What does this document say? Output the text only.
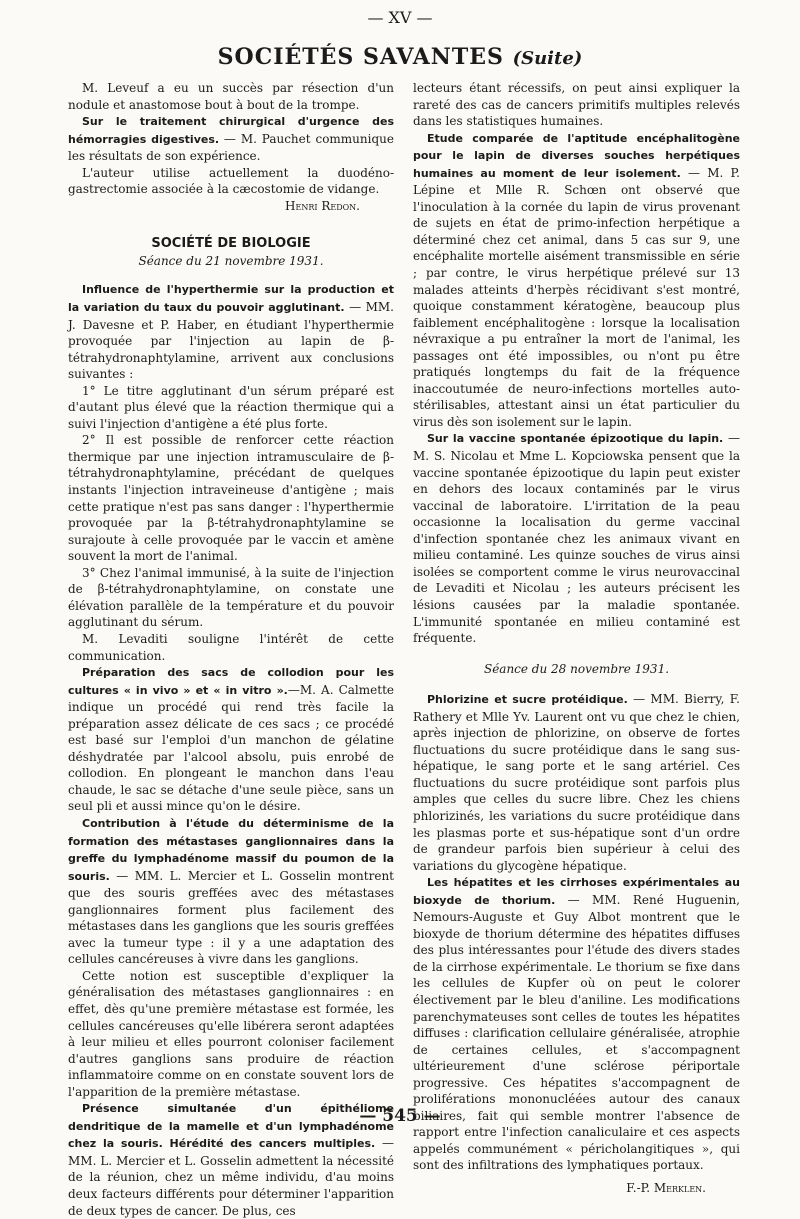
— XV —
SOCIÉTÉS SAVANTES (Suite)

M. Leveuf a eu un succès par résection d'un nodule et anastomose bout à bout de la trompe.

Sur le traitement chirurgical d'urgence des hémorragies digestives. — M. Pauchet communique les résultats de son expérience.

L'auteur utilise actuellement la duodéno-gastrectomie associée à la cæcostomie de vidange.

Henri Redon.
SOCIÉTÉ DE BIOLOGIE
Séance du 21 novembre 1931.

Influence de l'hyperthermie sur la production et la variation du taux du pouvoir agglutinant. — MM. J. Davesne et P. Haber, en étudiant l'hyperthermie provoquée par l'injection au lapin de β-tétrahydronaphtylamine, arrivent aux conclusions suivantes :

1° Le titre agglutinant d'un sérum préparé est d'autant plus élevé que la réaction thermique qui a suivi l'injection d'antigène a été plus forte.

2° Il est possible de renforcer cette réaction thermique par une injection intramusculaire de β-tétrahydronaphtylamine, précédant de quelques instants l'injection intraveineuse d'antigène ; mais cette pratique n'est pas sans danger : l'hyperthermie provoquée par la β-tétrahydronaphtylamine se surajoute à celle provoquée par le vaccin et amène souvent la mort de l'animal.

3° Chez l'animal immunisé, à la suite de l'injection de β-tétrahydronaphtylamine, on constate une élévation parallèle de la température et du pouvoir agglutinant du sérum.

M. Levaditi souligne l'intérêt de cette communication.

Préparation des sacs de collodion pour les cultures « in vivo » et « in vitro ».—M. A. Calmette indique un procédé qui rend très facile la préparation assez délicate de ces sacs ; ce procédé est basé sur l'emploi d'un manchon de gélatine déshydratée par l'alcool absolu, puis enrobé de collodion. En plongeant le manchon dans l'eau chaude, le sac se détache d'une seule pièce, sans un seul pli et aussi mince qu'on le désire.

Contribution à l'étude du déterminisme de la formation des métastases ganglionnaires dans la greffe du lymphadénome massif du poumon de la souris. — MM. L. Mercier et L. Gosselin montrent que des souris greffées avec des métastases ganglionnaires forment plus facilement des métastases dans les ganglions que les souris greffées avec la tumeur type : il y a une adaptation des cellules cancéreuses à vivre dans les ganglions.

Cette notion est susceptible d'expliquer la généralisation des métastases ganglionnaires : en effet, dès qu'une première métastase est formée, les cellules cancéreuses qu'elle libérera seront adaptées à leur milieu et elles pourront coloniser facilement d'autres ganglions sans produire de réaction inflammatoire comme on en constate souvent lors de l'apparition de la première métastase.

Présence simultanée d'un épithéliome dendritique de la mamelle et d'un lymphadénome chez la souris. Hérédité des cancers multiples. — MM. L. Mercier et L. Gosselin admettent la nécessité de la réunion, chez un même individu, d'au moins deux facteurs différents pour déterminer l'apparition de deux types de cancer. De plus, ces

lecteurs étant récessifs, on peut ainsi expliquer la rareté des cas de cancers primitifs multiples relevés dans les statistiques humaines.

Etude comparée de l'aptitude encéphalitogène pour le lapin de diverses souches herpétiques humaines au moment de leur isolement. — M. P. Lépine et Mlle R. Schœn ont observé que l'inoculation à la cornée du lapin de virus provenant de sujets en état de primo-infection herpétique a déterminé chez cet animal, dans 5 cas sur 9, une encéphalite mortelle aisément transmissible en série ; par contre, le virus herpétique prélevé sur 13 malades atteints d'herpès récidivant s'est montré, quoique constamment kératogène, beaucoup plus faiblement encéphalitogène : lorsque la localisation névraxique a pu entraîner la mort de l'animal, les passages ont été impossibles, ou n'ont pu être pratiqués longtemps du fait de la fréquence inaccoutumée de neuro-infections mortelles auto-stérilisables, attestant ainsi un état particulier du virus dès son isolement sur le lapin.

Sur la vaccine spontanée épizootique du lapin. — M. S. Nicolau et Mme L. Kopciowska pensent que la vaccine spontanée épizootique du lapin peut exister en dehors des locaux contaminés par le virus vaccinal de laboratoire. L'irritation de la peau occasionne la localisation du germe vaccinal d'infection spontanée chez les animaux vivant en milieu contaminé. Les quinze souches de virus ainsi isolées se comportent comme le virus neurovaccinal de Levaditi et Nicolau ; les auteurs précisent les lésions causées par la maladie spontanée. L'immunité spontanée en milieu contaminé est fréquente.

Séance du 28 novembre 1931.

Phlorizine et sucre protéidique. — MM. Bierry, F. Rathery et Mlle Yv. Laurent ont vu que chez le chien, après injection de phlorizine, on observe de fortes fluctuations du sucre protéidique dans le sang sus-hépatique, le sang porte et le sang artériel. Ces fluctuations du sucre protéidique sont parfois plus amples que celles du sucre libre. Chez les chiens phlorizinés, les variations du sucre protéidique dans les plasmas porte et sus-hépatique sont d'un ordre de grandeur parfois bien supérieur à celui des variations du glycogène hépatique.

Les hépatites et les cirrhoses expérimentales au bioxyde de thorium. — MM. René Huguenin, Nemours-Auguste et Guy Albot montrent que le bioxyde de thorium détermine des hépatites diffuses des plus intéressantes pour l'étude des divers stades de la cirrhose expérimentale. Le thorium se fixe dans les cellules de Kupfer où on peut le colorer électivement par le bleu d'aniline. Les modifications parenchymateuses sont celles de toutes les hépatites diffuses : clarification cellulaire généralisée, atrophie de certaines cellules, et s'accompagnent ultérieurement d'une sclérose périportale progressive. Ces hépatites s'accompagnent de proliférations mononucléées autour des canaux biliaires, fait qui semble montrer l'absence de rapport entre l'infection canaliculaire et ces aspects appelés communément « péricholangitiques », qui sont des infiltrations des lymphatiques portaux.

F.-P. Merklen.
— 545 —
